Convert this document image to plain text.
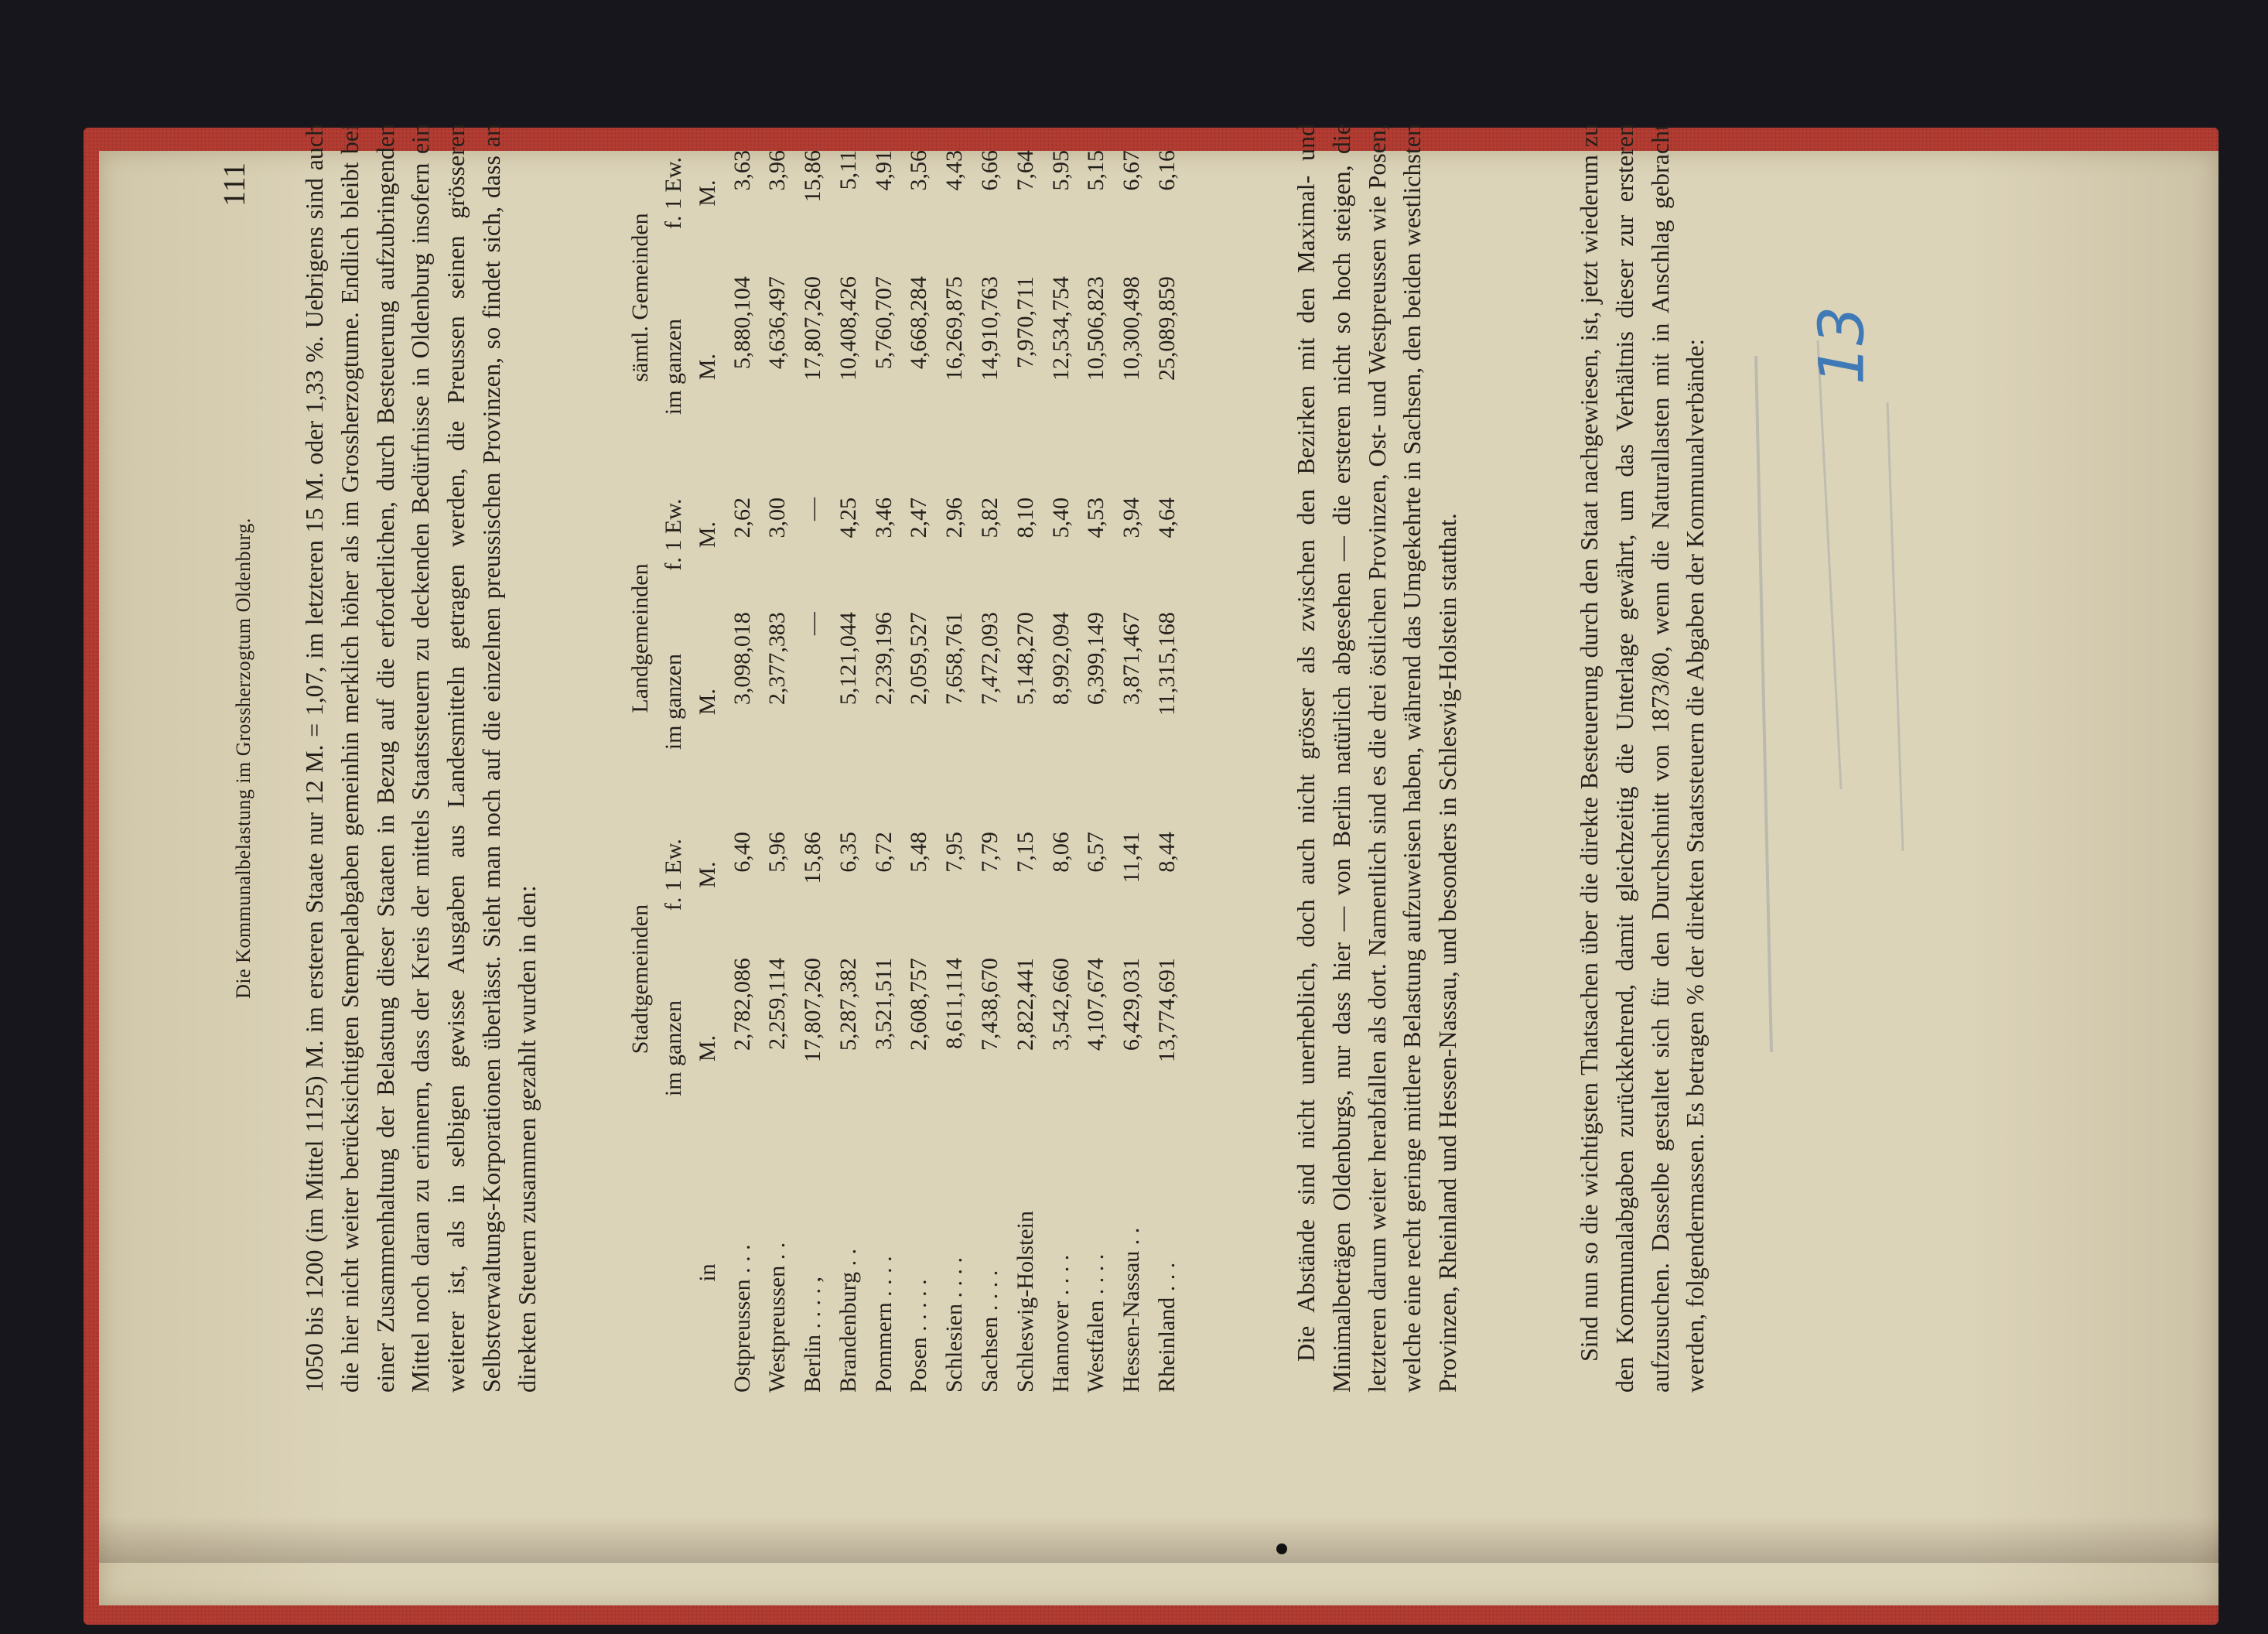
Die Kommunalbelastung im Grossherzogtum Oldenburg.
111 1050 bis 1200 (im Mittel 1125) M. im ersteren Staate nur 12 M. = 1,07, im letzteren 15 M. oder 1,33 %. Uebrigens sind auch die hier nicht weiter berücksichtigten Stempelabgaben gemeinhin merklich höher als im Grossherzogtume. Endlich bleibt bei einer Zusammenhaltung der Belastung dieser Staaten in Bezug auf die erforderlichen, durch Besteuerung aufzubringenden Mittel noch daran zu erinnern, dass der Kreis der mittels Staatssteuern zu deckenden Bedürfnisse in Oldenburg insofern ein weiterer ist, als in selbigen gewisse Ausgaben aus Landesmitteln getragen werden, die Preussen seinen grösseren Selbstverwaltungs-Korporationen überlässt. Sieht man noch auf die einzelnen preussischen Provinzen, so findet sich, dass an direkten Steuern zusammen gezahlt wurden in den:

		Stadtgemeinden		Landgemeinden		sämtl. Gemeinden	
	im ganzen	f. 1 Ew.	im ganzen	f. 1 Ew.	im ganzen	f. 1 Ew.
in	M.	M.	M.	M.	M.	M.
Ostpreussen . . .	2,782,086	6,40	3,098,018	2,62	5,880,104	3,63
Westpreussen . .	2,259,114	5,96	2,377,383	3,00	4,636,497	3,96
Berlin . . . . ,	17,807,260	15,86	—	—	17,807,260	15,86
Brandenburg . .	5,287,382	6,35	5,121,044	4,25	10,408,426	5,11
Pommern . . . .	3,521,511	6,72	2,239,196	3,46	5,760,707	4,91
Posen . . . . .	2,608,757	5,48	2,059,527	2,47	4,668,284	3,56
Schlesien . . . .	8,611,114	7,95	7,658,761	2,96	16,269,875	4,43
Sachsen . . . .	7,438,670	7,79	7,472,093	5,82	14,910,763	6,66
Schleswig-Holstein	2,822,441	7,15	5,148,270	8,10	7,970,711	7,64
Hannover . . . .	3,542,660	8,06	8,992,094	5,40	12,534,754	5,95
Westfalen . . . .	4,107,674	6,57	6,399,149	4,53	10,506,823	5,15
Hessen-Nassau . .	6,429,031	11,41	3,871,467	3,94	10,300,498	6,67
Rheinland . . .	13,774,691	8,44	11,315,168	4,64	25,089,859	6,16	Die Abstände sind nicht unerheblich, doch auch nicht grösser als zwischen den Bezirken mit den Maximal- und Minimalbeträgen Oldenburgs, nur dass hier — von Berlin natürlich abgesehen — die ersteren nicht so hoch steigen, die letzteren darum weiter herabfallen als dort. Namentlich sind es die drei östlichen Provinzen, Ost- und Westpreussen wie Posen, welche eine recht geringe mittlere Belastung aufzuweisen haben, während das Umgekehrte in Sachsen, den beiden westlichsten Provinzen, Rheinland und Hessen-Nassau, und besonders in Schleswig-Holstein statthat.	Sind nun so die wichtigsten Thatsachen über die direkte Besteuerung durch den Staat nachgewiesen, ist, jetzt wiederum zu den Kommunalabgaben zurückkehrend, damit gleichzeitig die Unterlage gewährt, um das Verhältnis dieser zur ersteren aufzusuchen. Dasselbe gestaltet sich für den Durchschnitt von 1873/80, wenn die Naturallasten mit in Anschlag gebracht werden, folgendermassen. Es betragen % der direkten Staatssteuern die Abgaben der Kommunalverbände: 13
